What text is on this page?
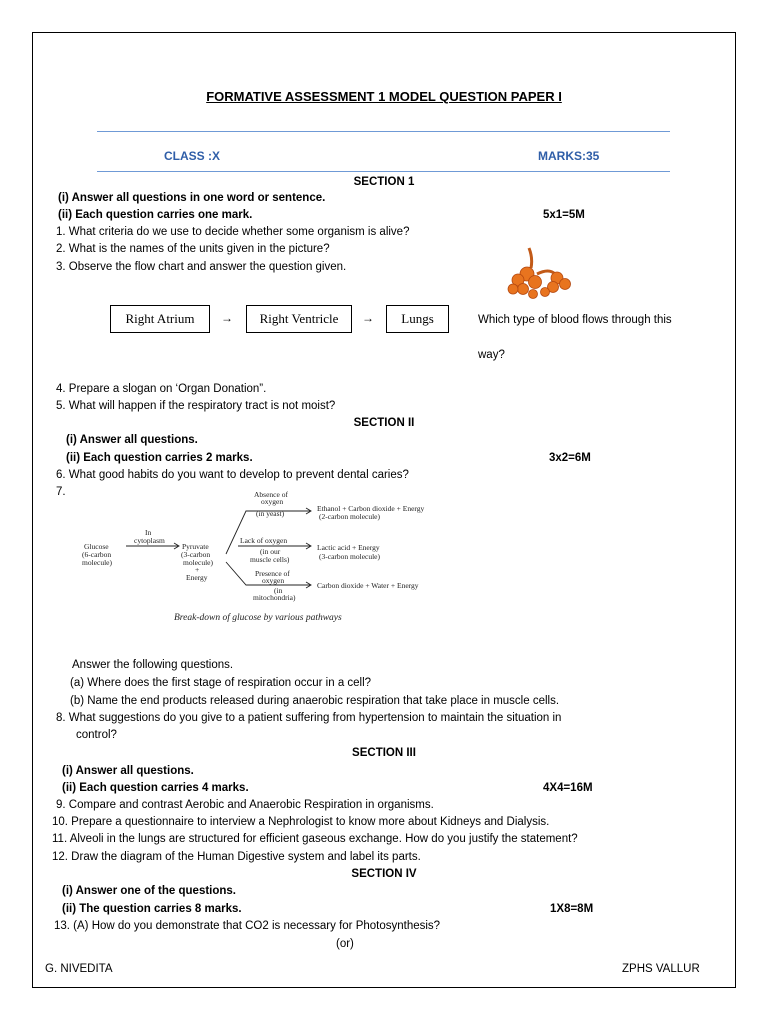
FORMATIVE ASSESSMENT 1 MODEL QUESTION PAPER I
CLASS :X	MARKS:35
SECTION 1
(i) Answer all questions in one word or sentence.
(ii) Each question carries one mark.	5x1=5M
1. What criteria do we use to decide whether some organism is alive?
2. What is the names of the units given in the picture?
3. Observe the flow chart and answer the question given.
Right Atrium	→	Right Ventricle	→	Lungs	Which type of blood flows through this
way?
4. Prepare a slogan on ‘Organ Donation”.
5. What will happen if the respiratory tract is not moist?
SECTION II
(i) Answer all questions.
(ii) Each question carries 2 marks.	3x2=6M
6. What good habits do you want to develop to prevent dental caries?
7.
Glucose
(6-carbon
molecule)
In
cytoplasm
Pyruvate
(3-carbon
molecule)
+
Energy
Absence of
oxygen
(in yeast)
Ethanol + Carbon dioxide + Energy
(2-carbon molecule)
Lack of oxygen
(in our
muscle cells)
Lactic acid + Energy
(3-carbon molecule)
Presence of
oxygen
(in
mitochondria)
Carbon dioxide + Water + Energy
Break-down of glucose by various pathways
Answer the following questions.
(a) Where does the first stage of respiration occur in a cell?
(b) Name the end products released during anaerobic respiration that take place in muscle cells.
8. What suggestions do you give to a patient suffering from hypertension to maintain the situation in
control?
SECTION III
(i) Answer all questions.
(ii) Each question carries 4 marks.	4X4=16M
9. Compare and contrast Aerobic and Anaerobic Respiration in organisms.
10. Prepare a questionnaire to interview a Nephrologist to know more about Kidneys and Dialysis.
11. Alveoli in the lungs are structured for efficient gaseous exchange. How do you justify the statement?
12. Draw the diagram of the Human Digestive system and label its parts.
SECTION IV
(i) Answer one of the questions.
(ii) The question carries 8 marks.	1X8=8M
13. (A) How do you demonstrate that CO2 is necessary for Photosynthesis?
(or)
G. NIVEDITA	ZPHS VALLUR
